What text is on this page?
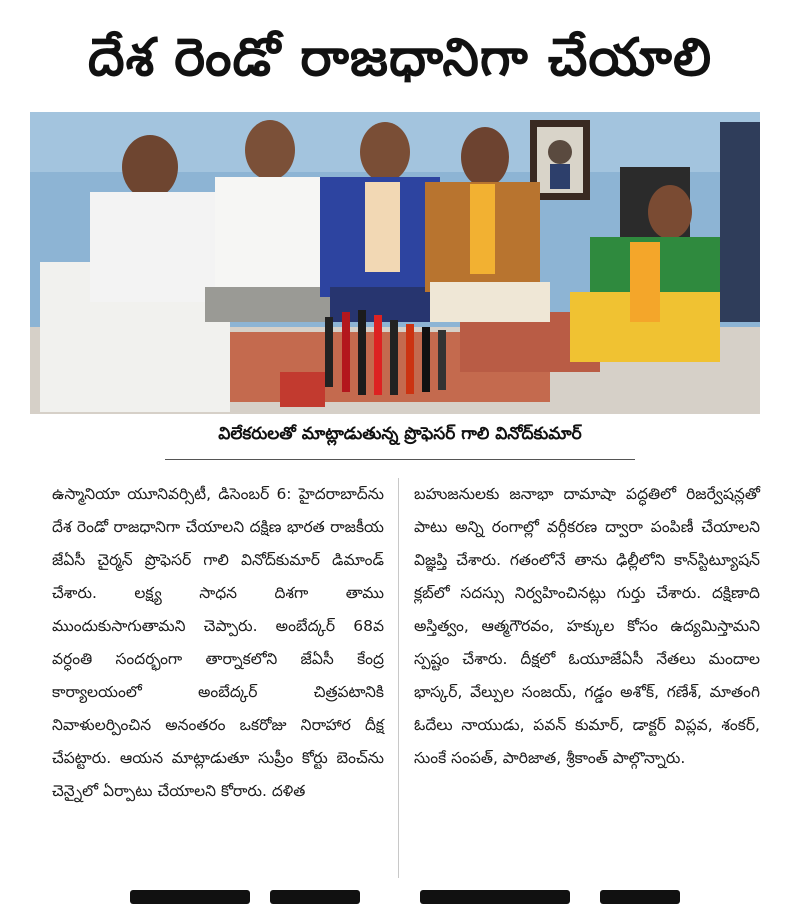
దేశ రెండో రాజధానిగా చేయాలి
విలేకరులతో మాట్లాడుతున్న ప్రొఫెసర్ గాలి వినోద్‌కుమార్

ఉస్మానియా యూనివర్సిటీ, డిసెంబర్ 6: హైదరాబాద్‌ను దేశ రెండో రాజధానిగా చేయాలని దక్షిణ భారత రాజకీయ జేఏసీ చైర్మన్ ప్రొఫెసర్ గాలి వినోద్‌కుమార్ డిమాండ్ చేశారు. లక్ష్య సాధన దిశగా తాము ముందుకుసాగుతామని చెప్పారు. అంబేద్కర్ 68వ వర్ధంతి సందర్భంగా తార్నాకలోని జేఏసీ కేంద్ర కార్యాలయంలో అంబేద్కర్ చిత్రపటానికి నివాళులర్పించిన అనంతరం ఒకరోజు నిరాహార దీక్ష చేపట్టారు. ఆయన మాట్లాడుతూ సుప్రీం కోర్టు బెంచ్‌ను చెన్నైలో ఏర్పాటు చేయాలని కోరారు. దళిత

బహుజనులకు జనాభా దామాషా పద్ధతిలో రిజర్వేషన్లతో పాటు అన్ని రంగాల్లో వర్గీకరణ ద్వారా పంపిణీ చేయాలని విజ్ఞప్తి చేశారు. గతంలోనే తాను ఢిల్లీలోని కాన్‌స్టిట్యూషన్ క్లబ్‌లో సదస్సు నిర్వహించినట్లు గుర్తు చేశారు. దక్షిణాది అస్తిత్వం, ఆత్మగౌరవం, హక్కుల కోసం ఉద్యమిస్తామని స్పష్టం చేశారు. దీక్షలో ఓయూజేఏసీ నేతలు మందాల భాస్కర్, వేల్పుల సంజయ్, గడ్డం అశోక్, గణేశ్, మాతంగి ఓదేలు నాయుడు, పవన్ కుమార్, డాక్టర్ విప్లవ, శంకర్, సుంకే సంపత్, పారిజాత, శ్రీకాంత్ పాల్గొన్నారు.
